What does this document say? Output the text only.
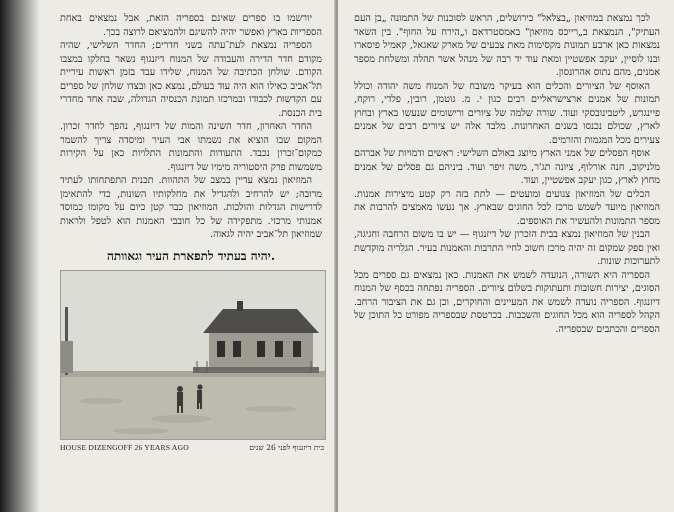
יורשמו בו ספרים שאינם בספריה הזאת, אבל נמצאים באחת הספריות בארץ ואפשר יהיה להשיגם ולהמציאם לרוצה בכך.

הספריה נמצאת לעת־עתה בשני חדרים; החדר השלישי, שהיה מקודם חדר הדירה והעבודה של המנוח דיזנגוף נשאר בחלקו במצבו הקודם. שולחן הכתיבה של המנוח, שלידו עבד בזמן ראשות עיריית תל־אביב כאילו הוא היה עוד בעולם, נמצא כאן ובצדו שולחן של ספרים עם הקדשות לכבודו ובמרכזו תמונת הכנסיה הגדולה, שבה אחד מחדרי בית הכנסת.

החדר האחרון, חדר השינה והמות של דיזנגוף, נהפך לחדר זכרון. המקום שבו הוציא את נשמתו אבי העיר ומיסדה צריך להשמר כמקום־זכרון נכבד. התעודות והתמונות התלויות כאן על הקירות משמשות פרק היסטוריה מימיו של דיזנגוף.

המוזיאון נמצא עדיין במצב של התהוות. תכנית התפתחותו לעתיד מרובה; יש להרחיב ולהגדיל את מחלקותיו השונות, כדי להתאימן לדרישות הגדלות והולכות. המוזיאון כבר קטן כיום על מקומו כמוסד אמנותי מרכזי. מתפקידה של כל חובבי האמנות הוא לטפל ולראות שמוזיאון תל־אביב יהיה לגאוה.

.יהיה בעתיד לתפארת העיר וגאוותה
HOUSE DIZENGOFF 26 YEARS AGO	בית דיזנגוף לפני 26 שנים

לכך נמצאת במוזיאון „בצלאל" בירושלים, הראש לסוכנות של התמונה „בן העם העתיק", הנמצאת ב„רייכס מוזיאון" באמסטרדאם ו„הירח על החוף". בין השאר נמצאות כאן ארבע תמונות מקסימות מאת צבעים של מארק שאגאל, קאמיל פיסארו ובנו לוסיין, יעקב אפשטיין ומאת עוד יד רבה של מנהל אשר תהלה ומשלחת מספר אמנים, מהם נתוס אהרונסון.

האוסף של הציורים והכלים הוא בעיקר משובח של המנוח משה יהודה וכולל תמונות של אמנים ארצישראליים רבים כגון י. מ. גוטמן, רובין, פלדי, רוקח, פיינגרש, ליטבינובסקי ועוד. שורה שלמה של ציורים ורישומים שנעשו בארץ ובחוץ לארץ, שכולם נכנסו בשנים האחרונות. מלבד אלה יש ציורים רבים של אמנים צעירים מכל המגמות והזרמים.

אוסף הפסלים של אמני הארץ מיוצג באולם השלישי: ראשים ודמויות של אברהם מלניקוב, חנה אורלוף, ציונה תג'ר, משה זיפר ועוד. ביניהם גם פסלים של אמנים מחוץ לארץ, כגון יעקב אפשטיין, ועוד.

הכלים של המוזיאון צנועים ומועטים — לתת בזה רק קטע מיצירות אמנות. המוזיאון מיועד לשמש מרכז לכל החוגים שבארץ. אך נעשו מאמצים להרבות את מספר התמונות ולהעשיר את האוספים.

הבנין של המוזיאון נמצא בבית הזכרון של דיזנגוף — יש בו משום הרחבה וחגיגה, ואין ספק שמקום זה יהיה מרכז חשוב לחיי התרבות והאמנות בעיר. הגלריה מוקדשת לתערוכות שונות.

הספריה היא תשורה, הנועדה לשמש את האמנות. כאן נמצאים גם ספרים מכל הסוגים, יצירות חשובות ותעתוקות בשלום ציורים. הספריה נפתחה בכסף של המנוח דיזנגוף. הספריה נועדה לשמש את המעיינים והחוקרים, וכן גם את הציבור הרחב. הקהל לספריה הוא מכל החוגים והשכבות. בכרטסת שבספריה מפורט כל התוכן של הספרים והכתבים שבספריה.
